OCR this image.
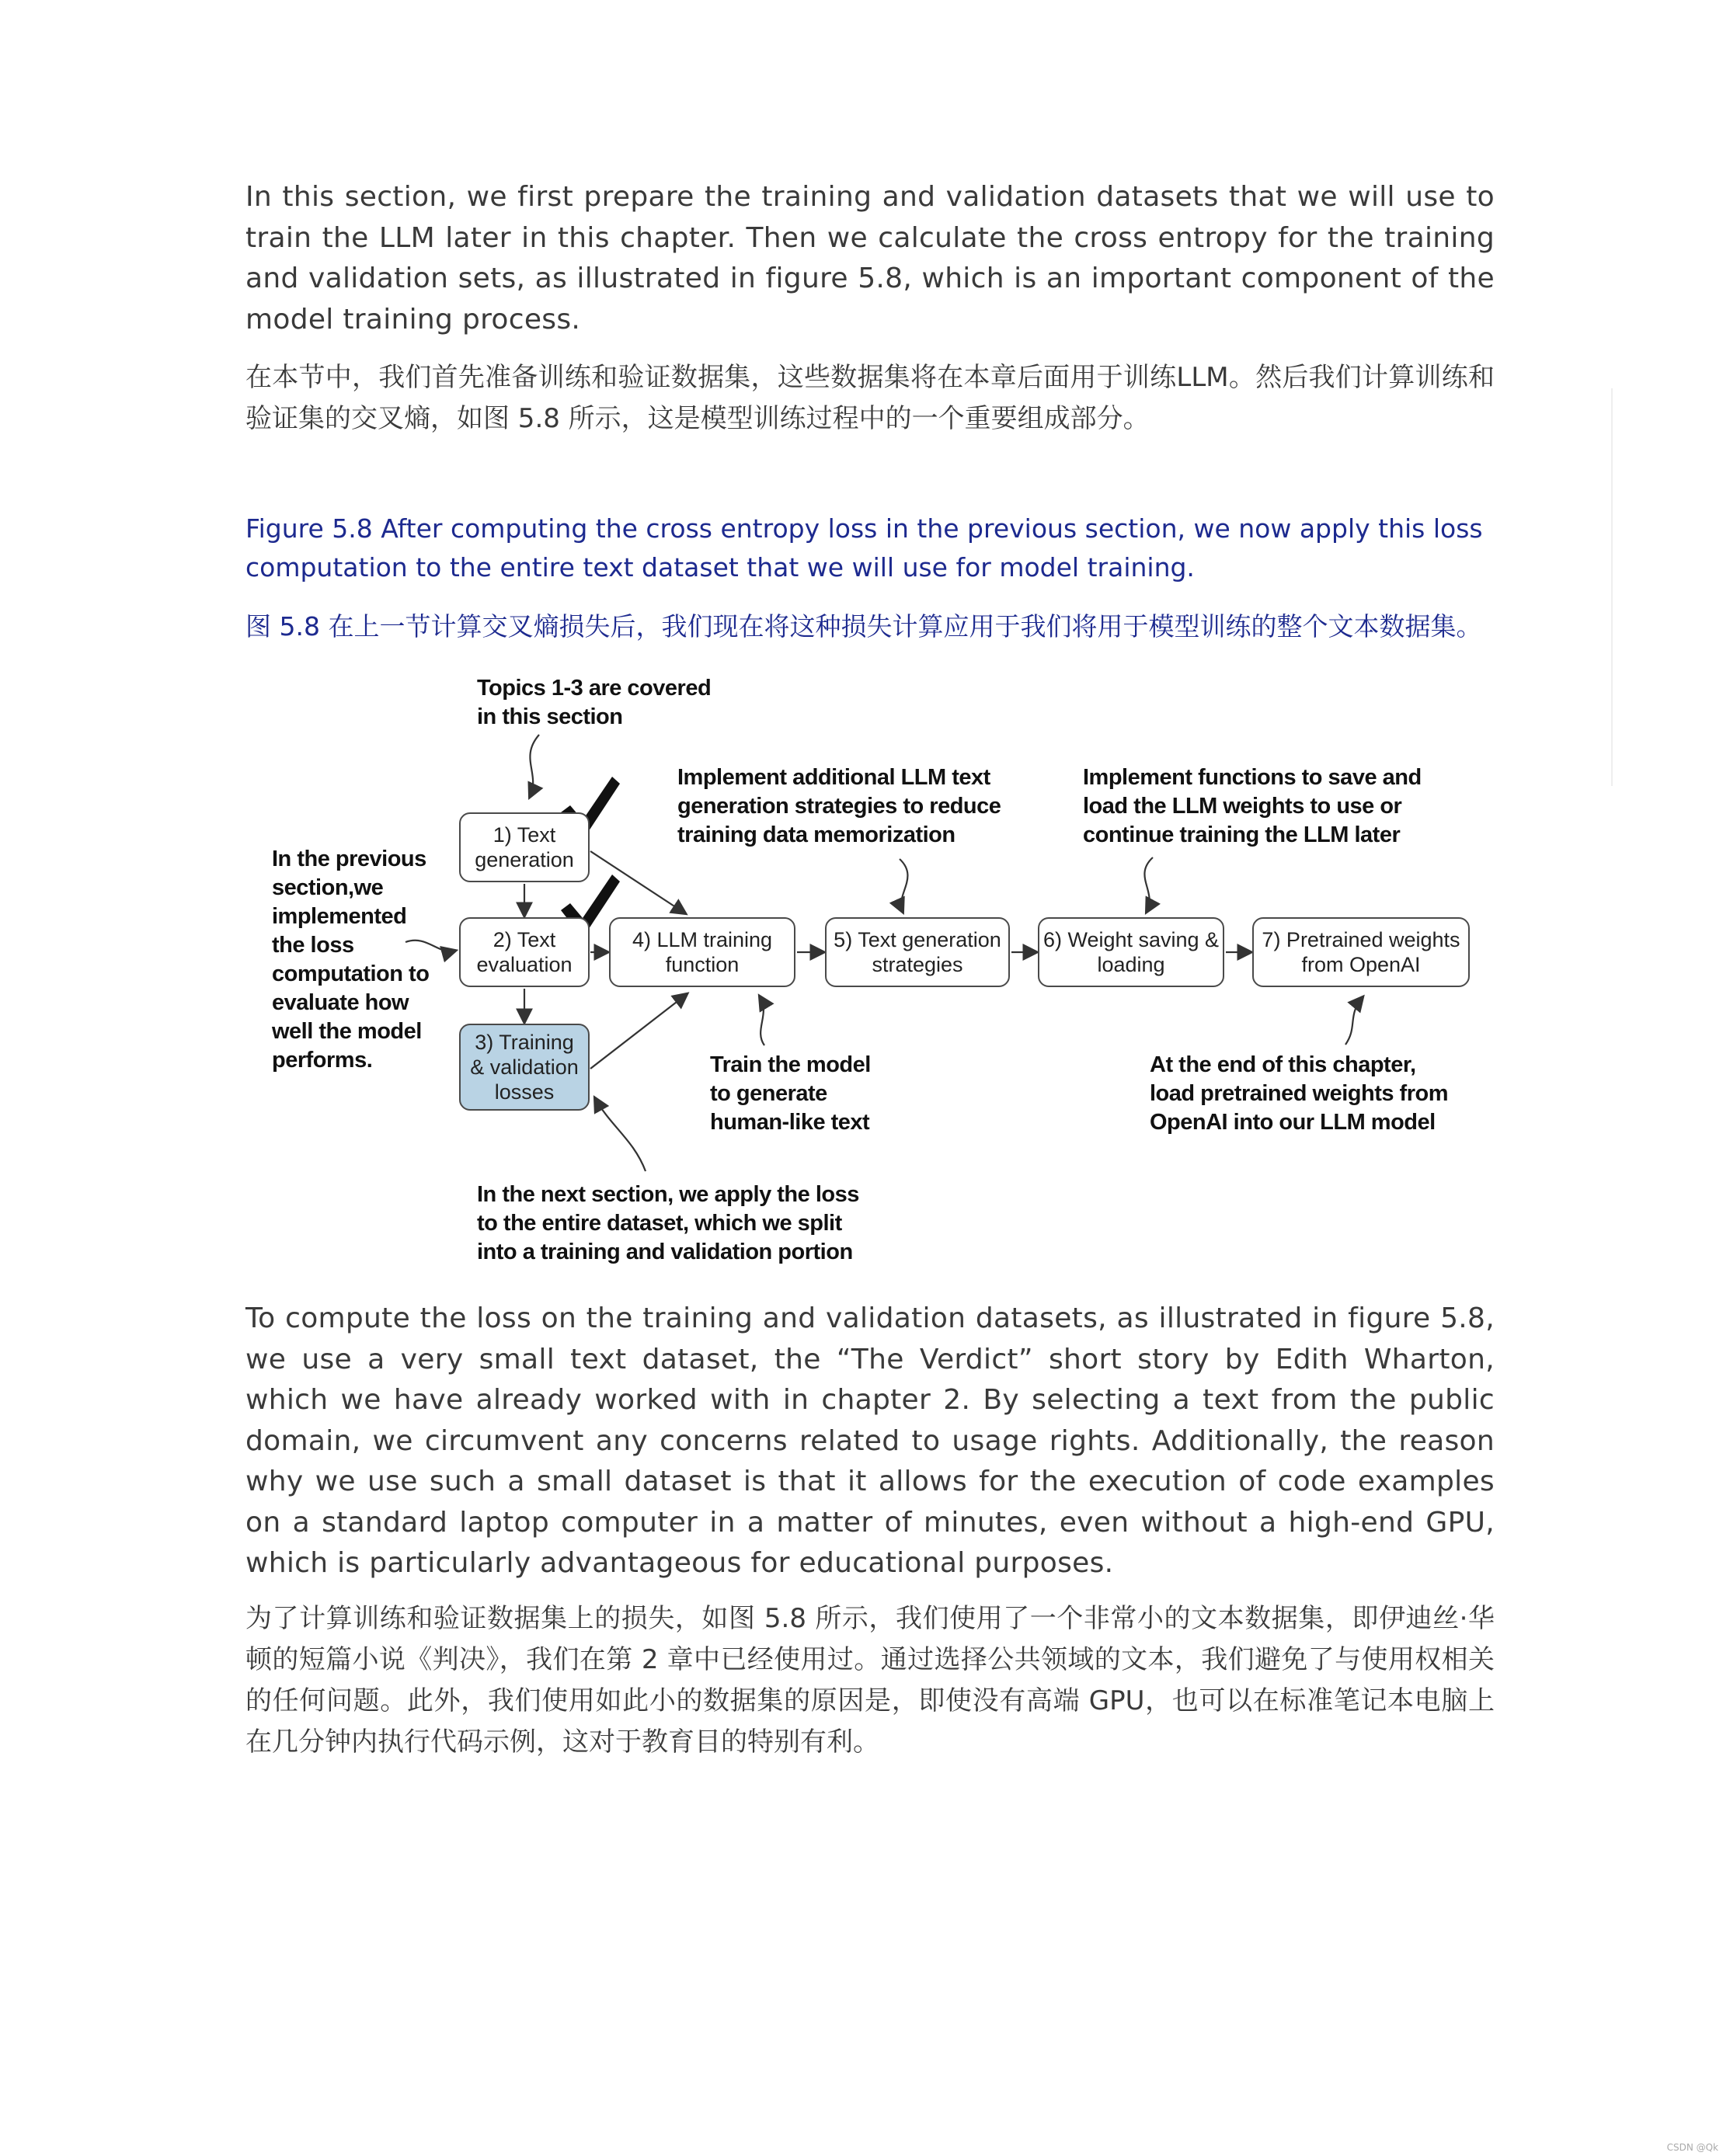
In this section, we first prepare the training and validation datasets that we will use to train the LLM later in this chapter. Then we calculate the cross entropy for the training and validation sets, as illustrated in figure 5.8, which is an important component of the model training process.

在本节中，我们首先准备训练和验证数据集，这些数据集将在本章后面用于训练LLM。然后我们计算训练和验证集的交叉熵，如图 5.8 所示，这是模型训练过程中的一个重要组成部分。

Figure 5.8 After computing the cross entropy loss in the previous section, we now apply this loss computation to the entire text dataset that we will use for model training.

图 5.8 在上一节计算交叉熵损失后，我们现在将这种损失计算应用于我们将用于模型训练的整个文本数据集。

1) Text
generation
2) Text
evaluation
3) Training
& validation
losses
4) LLM training
function
5) Text generation
strategies
6) Weight saving &
loading
7) Pretrained weights
from OpenAI
Topics 1-3 are covered
in this section
In the previous
section,we
implemented
the loss
computation to
evaluate how
well the model
performs.
Implement additional LLM text
generation strategies to reduce
training data memorization
Implement functions to save and
load the LLM weights to use or
continue training the LLM later
Train the model
to generate
human-like text
At the end of this chapter,
load pretrained weights from
OpenAI into our LLM model
In the next section, we apply the loss
to the entire dataset, which we split
into a training and validation portion

To compute the loss on the training and validation datasets, as illustrated in figure 5.8, we use a very small text dataset, the “The Verdict” short story by Edith Wharton, which we have already worked with in chapter 2. By selecting a text from the public domain, we circumvent any concerns related to usage rights. Additionally, the reason why we use such a small dataset is that it allows for the execution of code examples on a standard laptop computer in a matter of minutes, even without a high-end GPU, which is particularly advantageous for educational purposes.

为了计算训练和验证数据集上的损失，如图 5.8 所示，我们使用了一个非常小的文本数据集，即伊迪丝·华顿的短篇小说《判决》，我们在第 2 章中已经使用过。通过选择公共领域的文本，我们避免了与使用权相关的任何问题。此外，我们使用如此小的数据集的原因是，即使没有高端 GPU，也可以在标准笔记本电脑上在几分钟内执行代码示例，这对于教育目的特别有利。

CSDN @Qk
